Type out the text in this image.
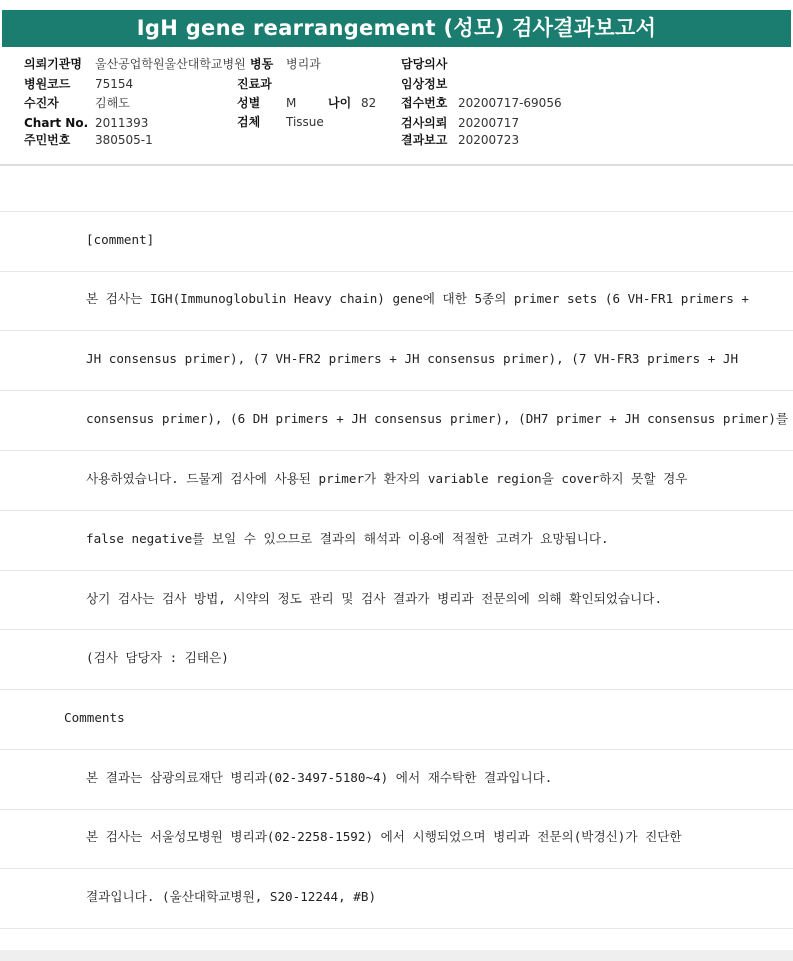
IgH gene rearrangement (성모) 검사결과보고서
의뢰기관명 울산공업학원울산대학교병원 병동 병리과	담당의사
병원코드 75154	진료과	임상정보
수진자	김해도	성별 M	나이 82 접수번호 20200717-69056
Chart No. 2011393	검체 Tissue	검사의뢰 20200717
주민번호 380505-1	결과보고 20200723
[comment]
본 검사는 IGH(Immunoglobulin Heavy chain) gene에 대한 5종의 primer sets (6 VH-FR1 primers +
JH consensus primer), (7 VH-FR2 primers + JH consensus primer), (7 VH-FR3 primers + JH
consensus primer), (6 DH primers + JH consensus primer), (DH7 primer + JH consensus primer)를
사용하였습니다. 드물게 검사에 사용된 primer가 환자의 variable region을 cover하지 못할 경우
false negative를 보일 수 있으므로 결과의 해석과 이용에 적절한 고려가 요망됩니다.
상기 검사는 검사 방법, 시약의 정도 관리 및 검사 결과가 병리과 전문의에 의해 확인되었습니다.
(검사 담당자 : 김태은)
Comments
본 결과는 삼광의료재단 병리과(02-3497-5180~4) 에서 재수탁한 결과입니다.
본 검사는 서울성모병원 병리과(02-2258-1592) 에서 시행되었으며 병리과 전문의(박경신)가 진단한
결과입니다. (울산대학교병원, S20-12244, #B)
